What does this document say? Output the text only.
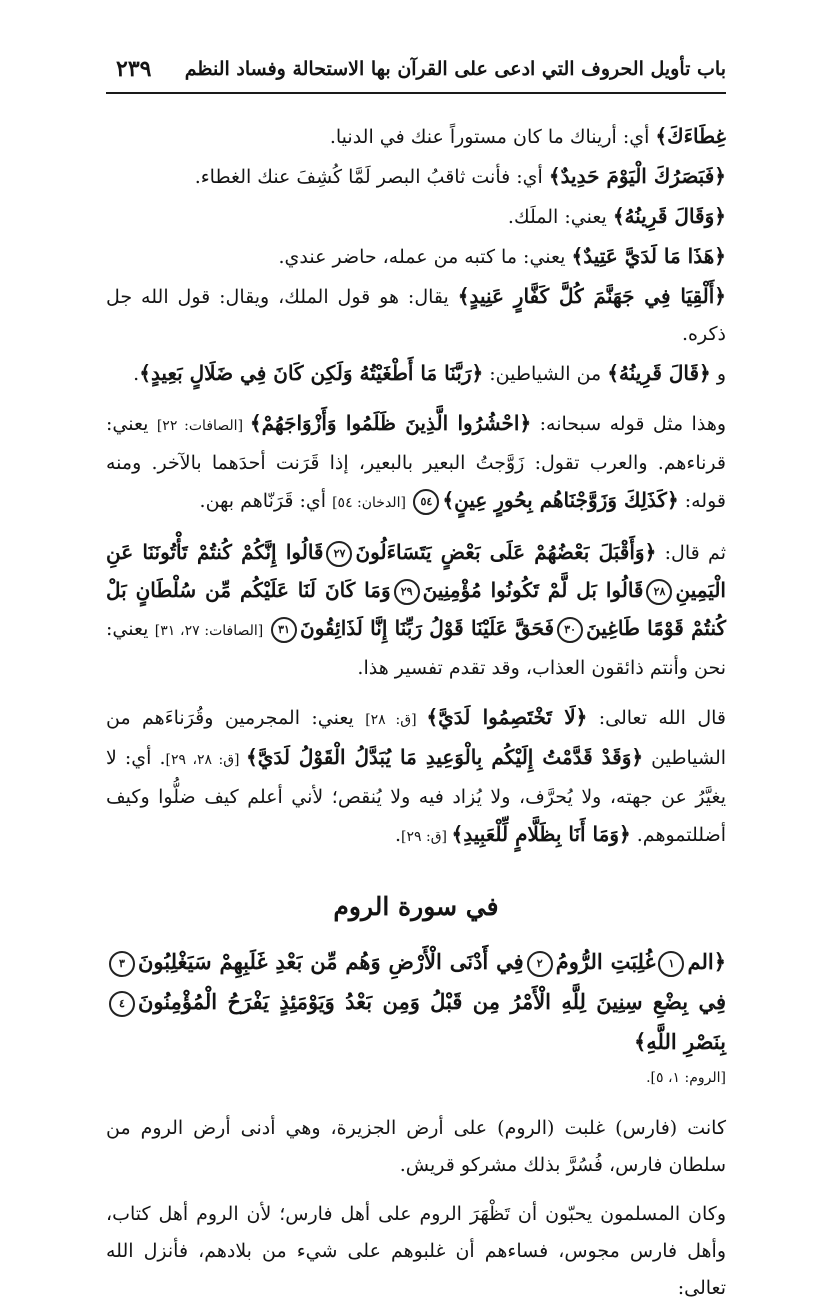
باب تأويل الحروف التي ادعى على القرآن بها الاستحالة وفساد النظم
٢٣٩

غِطَاءَكَ﴾ أي: أريناك ما كان مستوراً عنك في الدنيا.

﴿فَبَصَرُكَ الْيَوْمَ حَدِيدٌ﴾ أي: فأنت ثاقبُ البصر لَمَّا كُشِفَ عنك الغطاء.

﴿وَقَالَ قَرِينُهُ﴾ يعني: الملَك.

﴿هَذَا مَا لَدَيَّ عَتِيدٌ﴾ يعني: ما كتبه من عمله، حاضر عندي.

﴿أَلْقِيَا فِي جَهَنَّمَ كُلَّ كَفَّارٍ عَنِيدٍ﴾ يقال: هو قول الملك، ويقال: قول الله جل ذكره.

و ﴿قَالَ قَرِينُهُ﴾ من الشياطين: ﴿رَبَّنَا مَا أَطْغَيْتُهُ وَلَكِن كَانَ فِي ضَلَالٍ بَعِيدٍ﴾.

وهذا مثل قوله سبحانه: ﴿احْشُرُوا الَّذِينَ ظَلَمُوا وَأَزْوَاجَهُمْ﴾ [الصافات: ٢٢] يعني: قرناءهم. والعرب تقول: زَوَّجتُ البعير بالبعير، إذا قَرَنت أحدَهما بالآخر. ومنه قوله: ﴿كَذَلِكَ وَزَوَّجْنَاهُم بِحُورٍ عِينٍ﴾٥٤ [الدخان: ٥٤] أي: قَرَنّاهم بهن.

ثم قال: ﴿وَأَقْبَلَ بَعْضُهُمْ عَلَى بَعْضٍ يَتَسَاءَلُونَ٢٧قَالُوا إِنَّكُمْ كُنتُمْ تَأْتُونَنَا عَنِ الْيَمِينِ٢٨قَالُوا بَل لَّمْ تَكُونُوا مُؤْمِنِينَ٢٩وَمَا كَانَ لَنَا عَلَيْكُم مِّن سُلْطَانٍ بَلْ كُنتُمْ قَوْمًا طَاغِينَ٣٠فَحَقَّ عَلَيْنَا قَوْلُ رَبِّنَا إِنَّا لَذَائِقُونَ٣١ [الصافات: ٢٧، ٣١] يعني: نحن وأنتم ذائقون العذاب، وقد تقدم تفسير هذا.

قال الله تعالى: ﴿لَا تَخْتَصِمُوا لَدَيَّ﴾ [ق: ٢٨] يعني: المجرمين وقُرَناءَهم من الشياطين ﴿وَقَدْ قَدَّمْتُ إِلَيْكُم بِالْوَعِيدِ مَا يُبَدَّلُ الْقَوْلُ لَدَيَّ﴾ [ق: ٢٨، ٢٩]. أي: لا يغيَّرُ عن جهته، ولا يُحرَّف، ولا يُزاد فيه ولا يُنقص؛ لأني أعلم كيف ضلُّوا وكيف أضللتموهم. ﴿وَمَا أَنَا بِظَلَّامٍ لِّلْعَبِيدِ﴾ [ق: ٢٩].

في سورة الروم

﴿الم١غُلِبَتِ الرُّومُ٢فِي أَدْنَى الْأَرْضِ وَهُم مِّن بَعْدِ غَلَبِهِمْ سَيَغْلِبُونَ٣فِي بِضْعِ سِنِينَ لِلَّهِ الْأَمْرُ مِن قَبْلُ وَمِن بَعْدُ وَيَوْمَئِذٍ يَفْرَحُ الْمُؤْمِنُونَ٤بِنَصْرِ اللَّهِ﴾

[الروم: ١، ٥].

كانت (فارس) غلبت (الروم) على أرض الجزيرة، وهي أدنى أرض الروم من سلطان فارس، فُسُرَّ بذلك مشركو قريش.

وكان المسلمون يحبّون أن تَظْهَرَ الروم على أهل فارس؛ لأن الروم أهل كتاب، وأهل فارس مجوس، فساءهم أن غلبوهم على شيء من بلادهم، فأنزل الله تعالى:
